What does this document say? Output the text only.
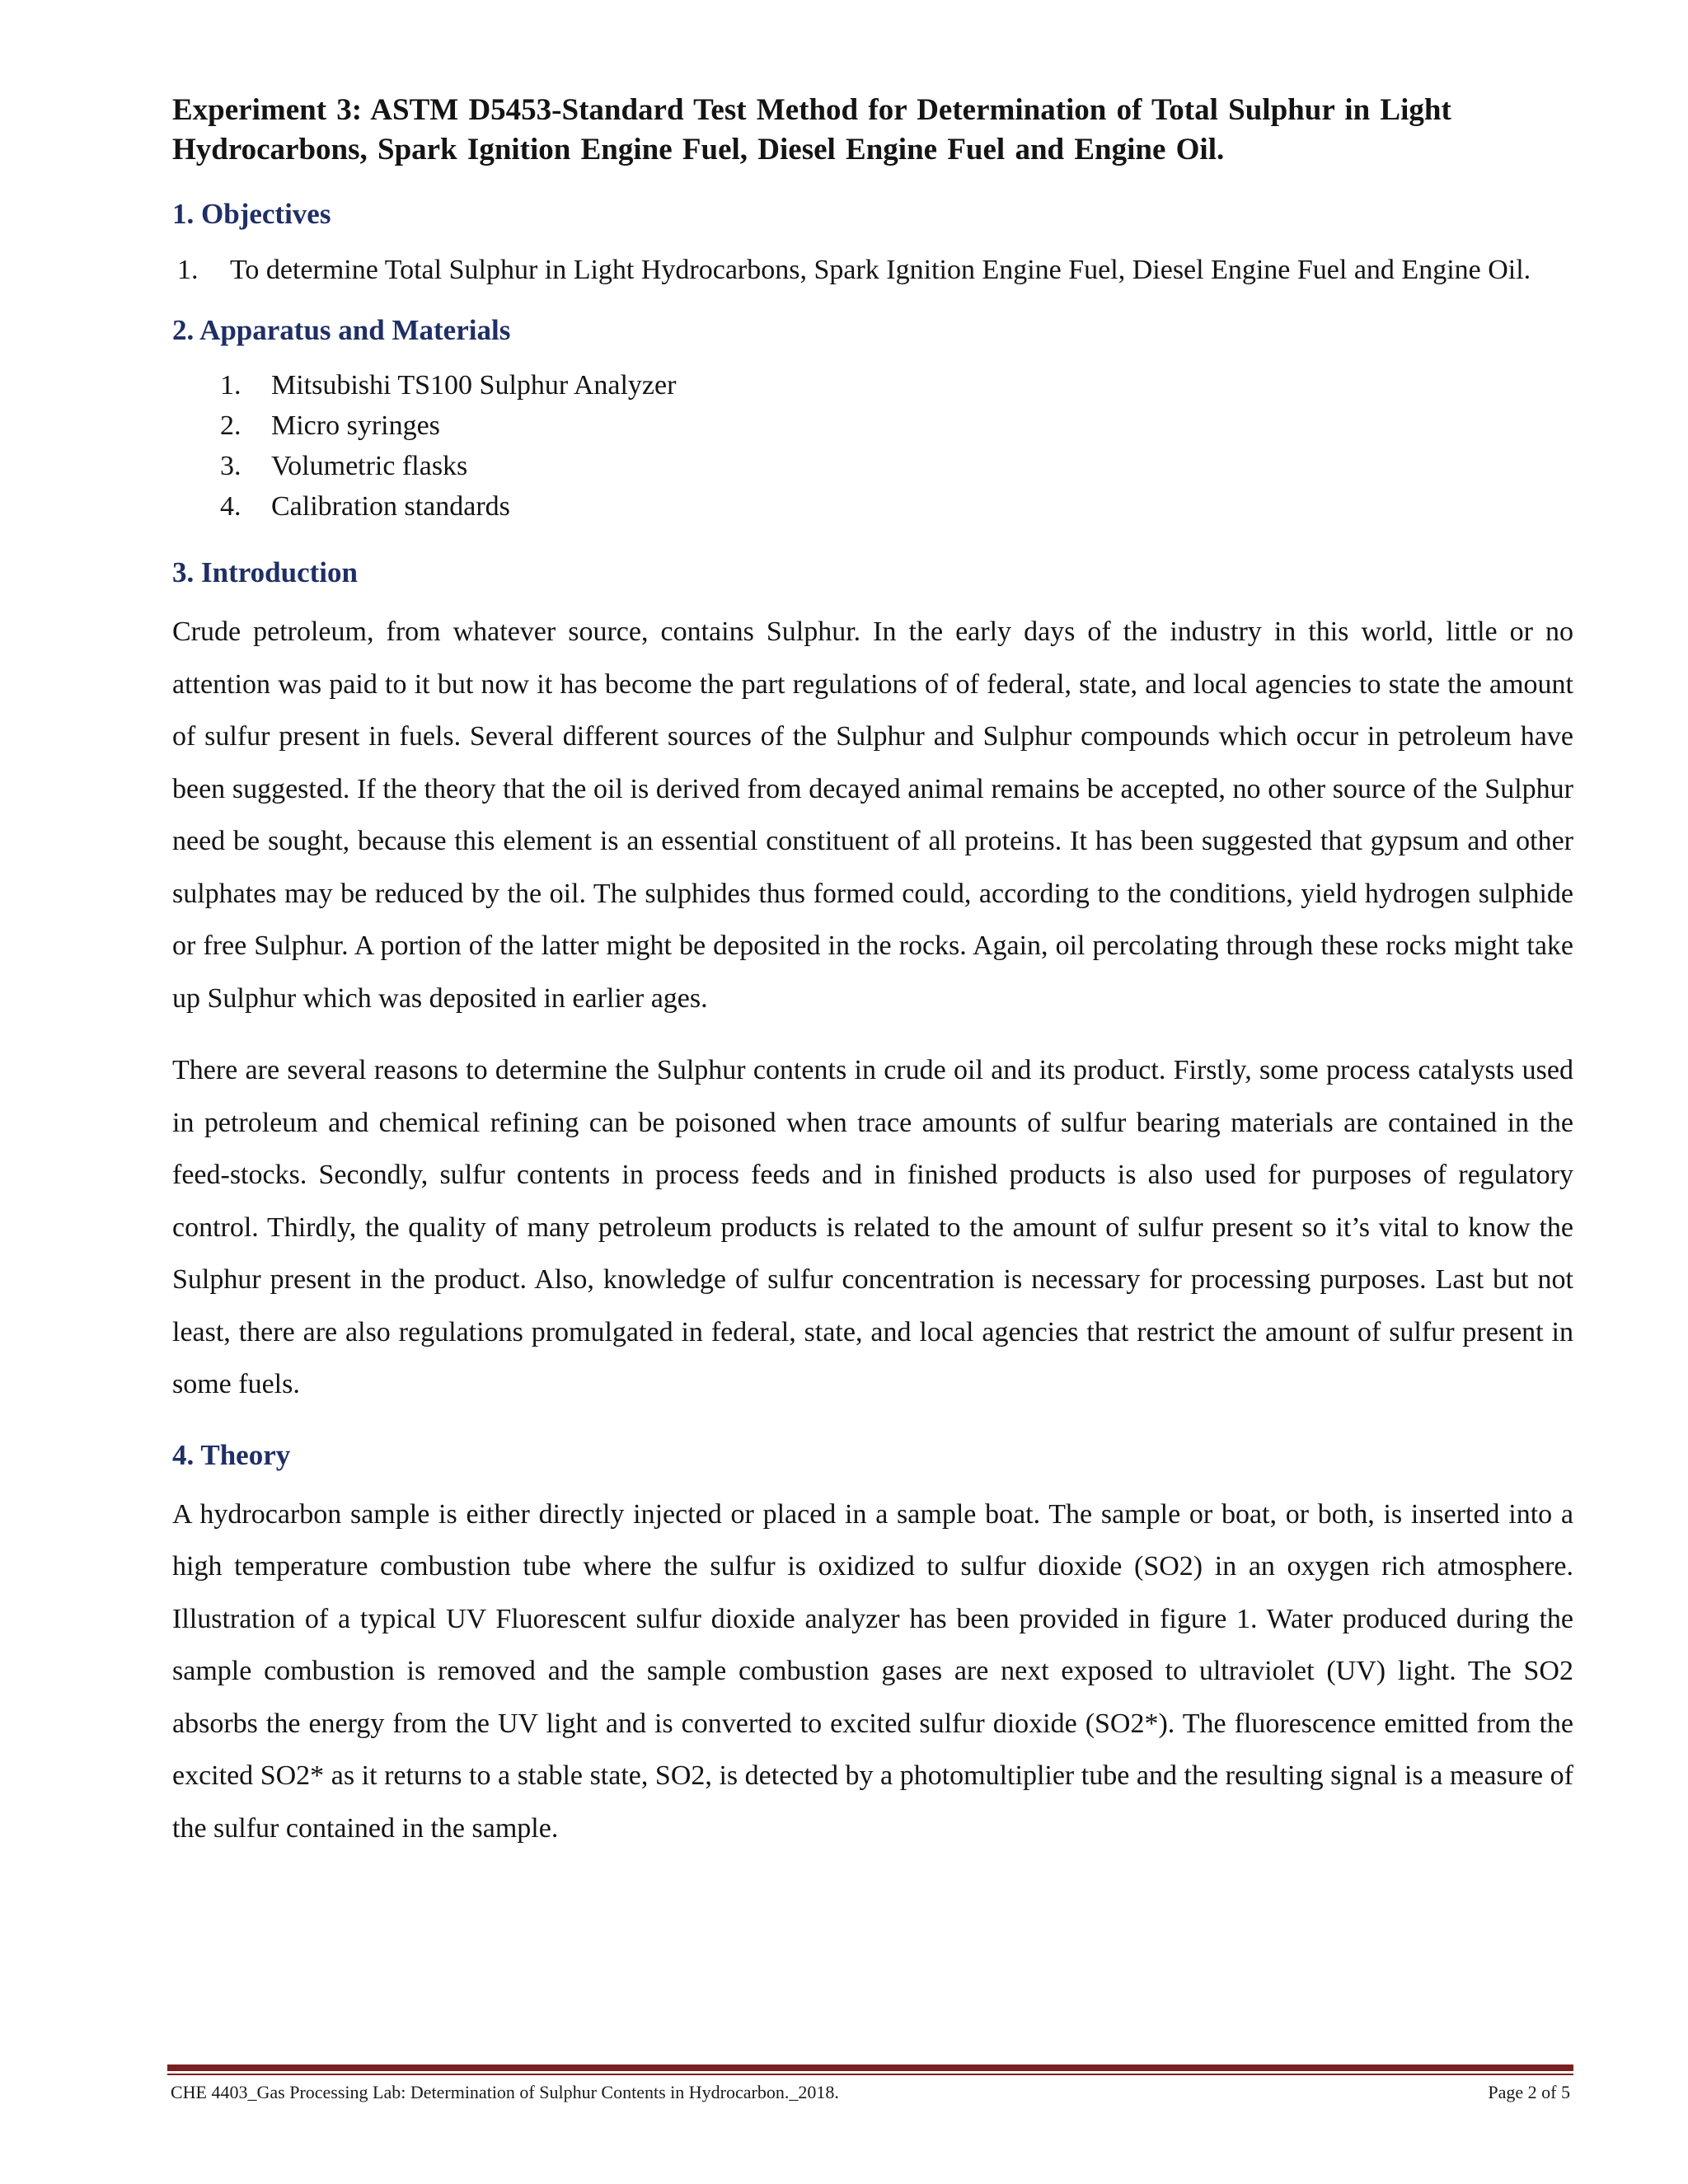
Experiment 3: ASTM D5453-Standard Test Method for Determination of Total Sulphur in Light Hydrocarbons, Spark Ignition Engine Fuel, Diesel Engine Fuel and Engine Oil.
1. Objectives
1. To determine Total Sulphur in Light Hydrocarbons, Spark Ignition Engine Fuel, Diesel Engine Fuel and Engine Oil.
2. Apparatus and Materials
1. Mitsubishi TS100 Sulphur Analyzer
2. Micro syringes
3. Volumetric flasks
4. Calibration standards
3. Introduction

Crude petroleum, from whatever source, contains Sulphur. In the early days of the industry in this world, little or no attention was paid to it but now it has become the part regulations of of federal, state, and local agencies to state the amount of sulfur present in fuels. Several different sources of the Sulphur and Sulphur compounds which occur in petroleum have been suggested. If the theory that the oil is derived from decayed animal remains be accepted, no other source of the Sulphur need be sought, because this element is an essential constituent of all proteins. It has been suggested that gypsum and other sulphates may be reduced by the oil. The sulphides thus formed could, according to the conditions, yield hydrogen sulphide or free Sulphur. A portion of the latter might be deposited in the rocks. Again, oil percolating through these rocks might take up Sulphur which was deposited in earlier ages.

There are several reasons to determine the Sulphur contents in crude oil and its product. Firstly, some process catalysts used in petroleum and chemical refining can be poisoned when trace amounts of sulfur bearing materials are contained in the feed-stocks. Secondly, sulfur contents in process feeds and in finished products is also used for purposes of regulatory control. Thirdly, the quality of many petroleum products is related to the amount of sulfur present so it’s vital to know the Sulphur present in the product. Also, knowledge of sulfur concentration is necessary for processing purposes. Last but not least, there are also regulations promulgated in federal, state, and local agencies that restrict the amount of sulfur present in some fuels.

4. Theory

A hydrocarbon sample is either directly injected or placed in a sample boat. The sample or boat, or both, is inserted into a high temperature combustion tube where the sulfur is oxidized to sulfur dioxide (SO2) in an oxygen rich atmosphere. Illustration of a typical UV Fluorescent sulfur dioxide analyzer has been provided in figure 1. Water produced during the sample combustion is removed and the sample combustion gases are next exposed to ultraviolet (UV) light. The SO2 absorbs the energy from the UV light and is converted to excited sulfur dioxide (SO2*). The fluorescence emitted from the excited SO2* as it returns to a stable state, SO2, is detected by a photomultiplier tube and the resulting signal is a measure of the sulfur contained in the sample.

CHE 4403_Gas Processing Lab: Determination of Sulphur Contents in Hydrocarbon._2018.	Page 2 of 5
